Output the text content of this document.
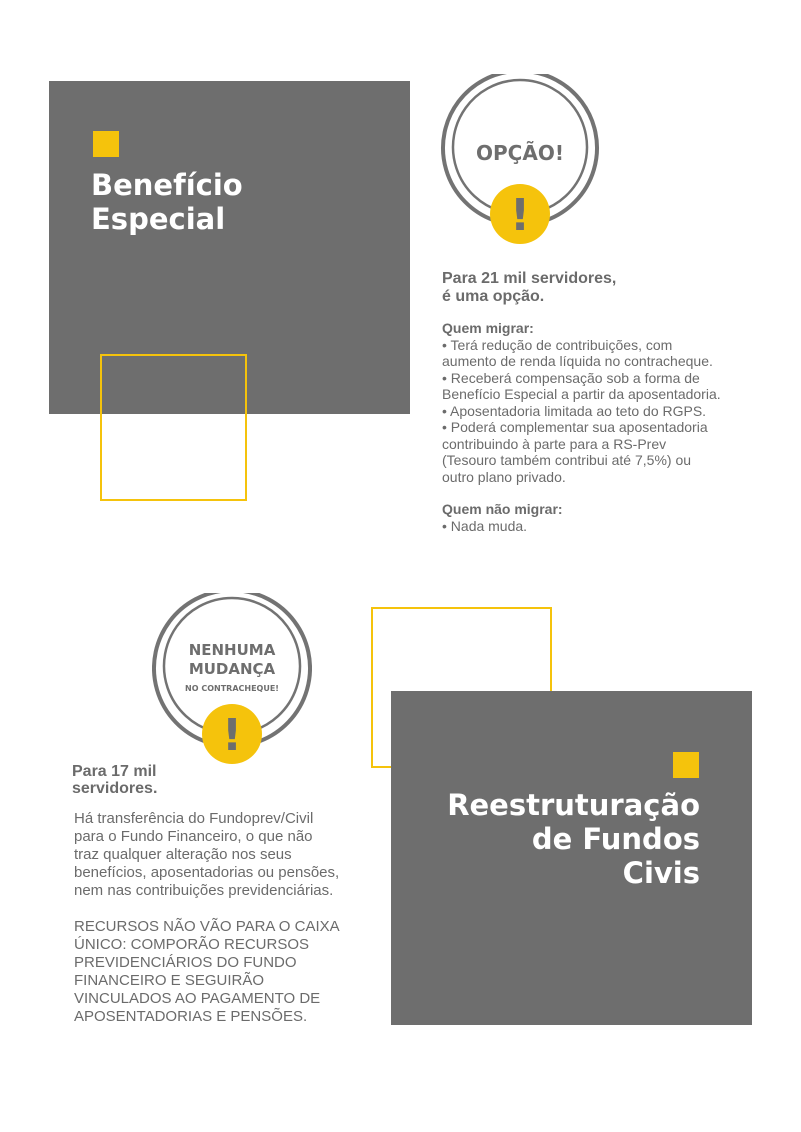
Benefício
Especial	!
OPÇÃO!
Para 21 mil servidores,
é uma opção.
Quem migrar:
• Terá redução de contribuições, com
aumento de renda líquida no contracheque.
• Receberá compensação sob a forma de
Benefício Especial a partir da aposentadoria.
• Aposentadoria limitada ao teto do RGPS.
• Poderá complementar sua aposentadoria
contribuindo à parte para a RS-Prev
(Tesouro também contribui até 7,5%) ou
outro plano privado.
Quem não migrar:
• Nada muda.
Reestruturação
de Fundos
Civis
!
NENHUMA
MUDANÇA
NO CONTRACHEQUE!
Para 17 mil
servidores.
Há transferência do Fundoprev/Civil
para o Fundo Financeiro, o que não
traz qualquer alteração nos seus
benefícios, aposentadorias ou pensões,
nem nas contribuições previdenciárias.
RECURSOS NÃO VÃO PARA O CAIXA
ÚNICO: COMPORÃO RECURSOS
PREVIDENCIÁRIOS DO FUNDO
FINANCEIRO E SEGUIRÃO
VINCULADOS AO PAGAMENTO DE
APOSENTADORIAS E PENSÕES.
